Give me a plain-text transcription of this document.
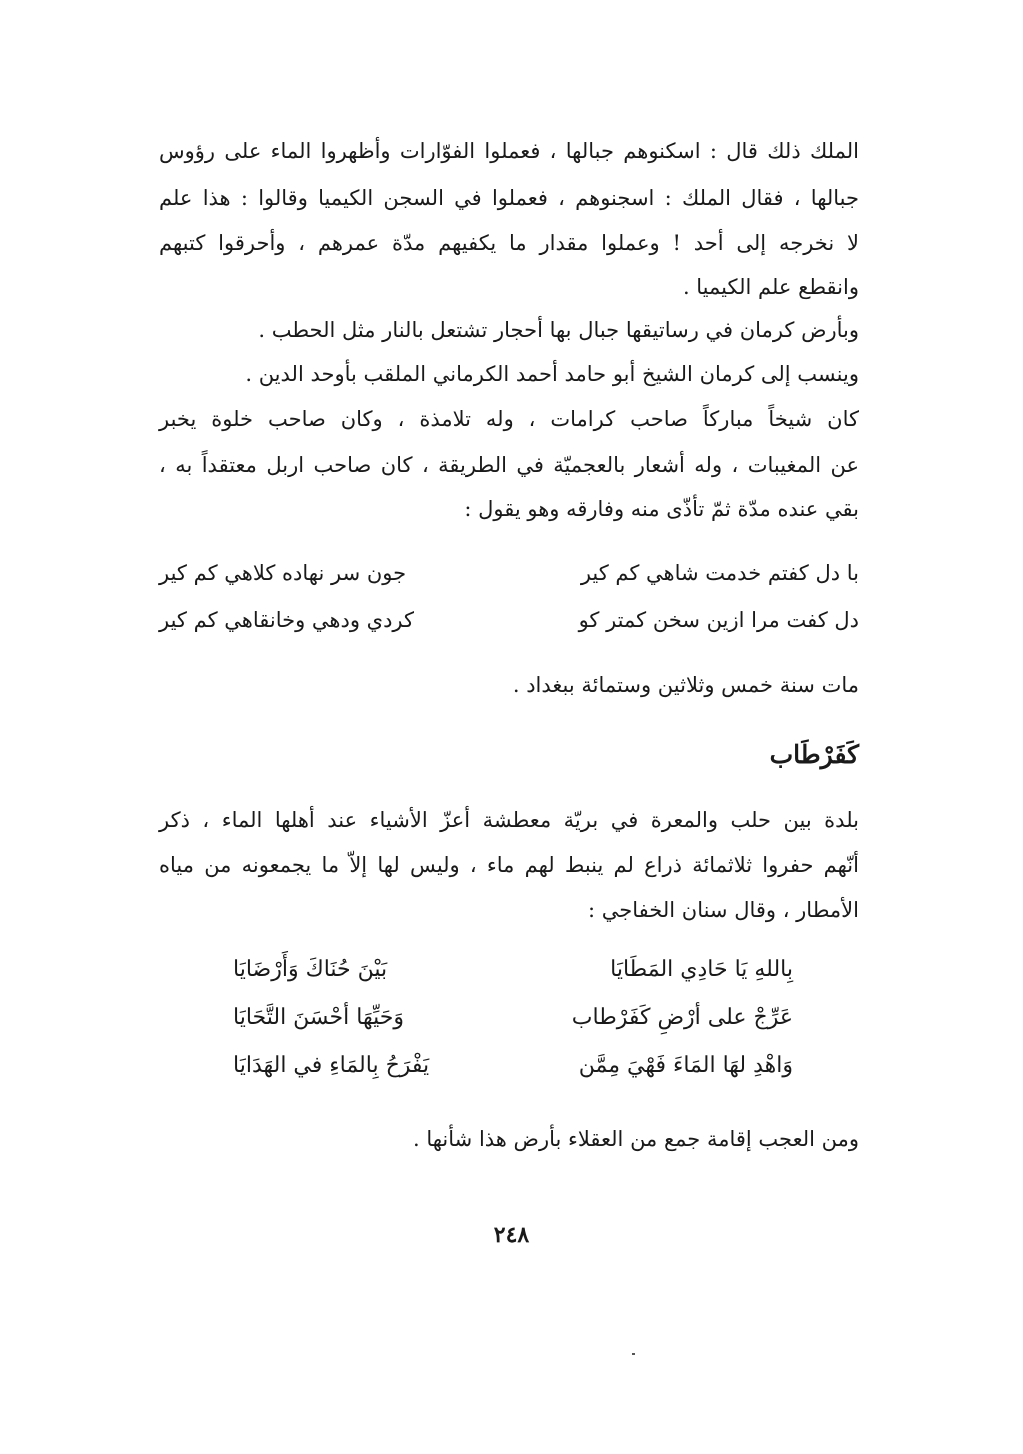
الملك ذلك قال : اسكنوهم جبالها ، فعملوا الفوّارات وأظهروا الماء على رؤوس
جبالها ، فقال الملك : اسجنوهم ، فعملوا في السجن الكيميا وقالوا : هذا علم
لا نخرجه إلى أحد ! وعملوا مقدار ما يكفيهم مدّة عمرهم ، وأحرقوا كتبهم
وانقطع علم الكيميا .
وبأرض كرمان في رساتيقها جبال بها أحجار تشتعل بالنار مثل الحطب .
وينسب إلى كرمان الشيخ أبو حامد أحمد الكرماني الملقب بأوحد الدين .
كان شيخاً مباركاً صاحب كرامات ، وله تلامذة ، وكان صاحب خلوة يخبر
عن المغيبات ، وله أشعار بالعجميّة في الطريقة ، كان صاحب اربل معتقداً به ،
بقي عنده مدّة ثمّ تأذّى منه وفارقه وهو يقول :
با دل كفتم خدمت شاهي كم كير
جون سر نهاده كلاهي كم كير
دل كفت مرا ازين سخن كمتر كو
كردي ودهي وخانقاهي كم كير
مات سنة خمس وثلاثين وستمائة ببغداد .
كَفَرْطَاب
بلدة بين حلب والمعرة في بريّة معطشة أعزّ الأشياء عند أهلها الماء ، ذكر
أنّهم حفروا ثلاثمائة ذراع لم ينبط لهم ماء ، وليس لها إلاّ ما يجمعونه من مياه
الأمطار ، وقال سنان الخفاجي :
بِاللهِ يَا حَادِي المَطَايَا
بَيْنَ حُنَاكَ وَأَرْضَايَا
عَرِّجْ على أرْضِ كَفَرْطاب
وَحَيِّهَا أحْسَنَ التَّحَايَا
وَاهْدِ لهَا المَاءَ فَهْيَ مِمَّن
يَفْرَحُ بِالمَاءِ في الهَدَايَا
ومن العجب إقامة جمع من العقلاء بأرض هذا شأنها .
٢٤٨
